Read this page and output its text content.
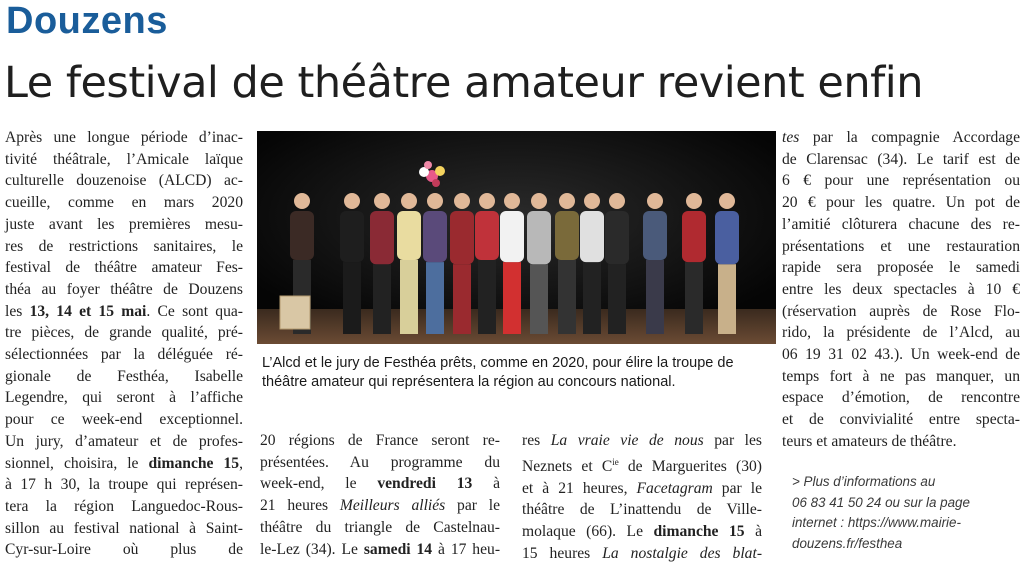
Douzens
Le festival de théâtre amateur revient enfin
Après une longue période d’inac-
tivité théâtrale, l’Amicale laïque
culturelle douzenoise (ALCD) ac-
cueille, comme en mars 2020
juste avant les premières mesu-
res de restrictions sanitaires, le
festival de théâtre amateur Fes-
théa au foyer théâtre de Douzens
les 13, 14 et 15 mai. Ce sont qua-
tre pièces, de grande qualité, pré-
sélectionnées par la déléguée ré-
gionale de Festhéa, Isabelle
Legendre, qui seront à l’affiche
pour ce week-end exceptionnel.
Un jury, d’amateur et de profes-
sionnel, choisira, le dimanche 15,
à 17 h 30, la troupe qui représen-
tera la région Languedoc-Rous-
sillon au festival national à Saint-
Cyr-sur-Loire où plus de
L’Alcd et le jury de Festhéa prêts, comme en 2020, pour élire la troupe de théâtre amateur qui représentera la région au concours national.
20 régions de France seront re-
présentées. Au programme du
week-end, le vendredi 13 à
21 heures Meilleurs alliés par le
théâtre du triangle de Castelnau-
le-Lez (34). Le samedi 14 à 17 heu-
res La vraie vie de nous par les
Neznets et $C^{ie}$ de Marguerites (30)
et à 21 heures, Facetagram par le
théâtre de L’inattendu de Ville-
molaque (66). Le dimanche 15 à
15 heures La nostalgie des blat-
tes par la compagnie Accordage
de Clarensac (34). Le tarif est de
6 € pour une représentation ou
20 € pour les quatre. Un pot de
l’amitié clôturera chacune des re-
présentations et une restauration
rapide sera proposée le samedi
entre les deux spectacles à 10 €
(réservation auprès de Rose Flo-
rido, la présidente de l’Alcd, au
06 19 31 02 43.). Un week-end de
temps fort à ne pas manquer, un
espace d’émotion, de rencontre
et de convivialité entre specta-
teurs et amateurs de théâtre.
> Plus d’informations au
06 83 41 50 24 ou sur la page
internet : https://www.mairie-
douzens.fr/festhea
